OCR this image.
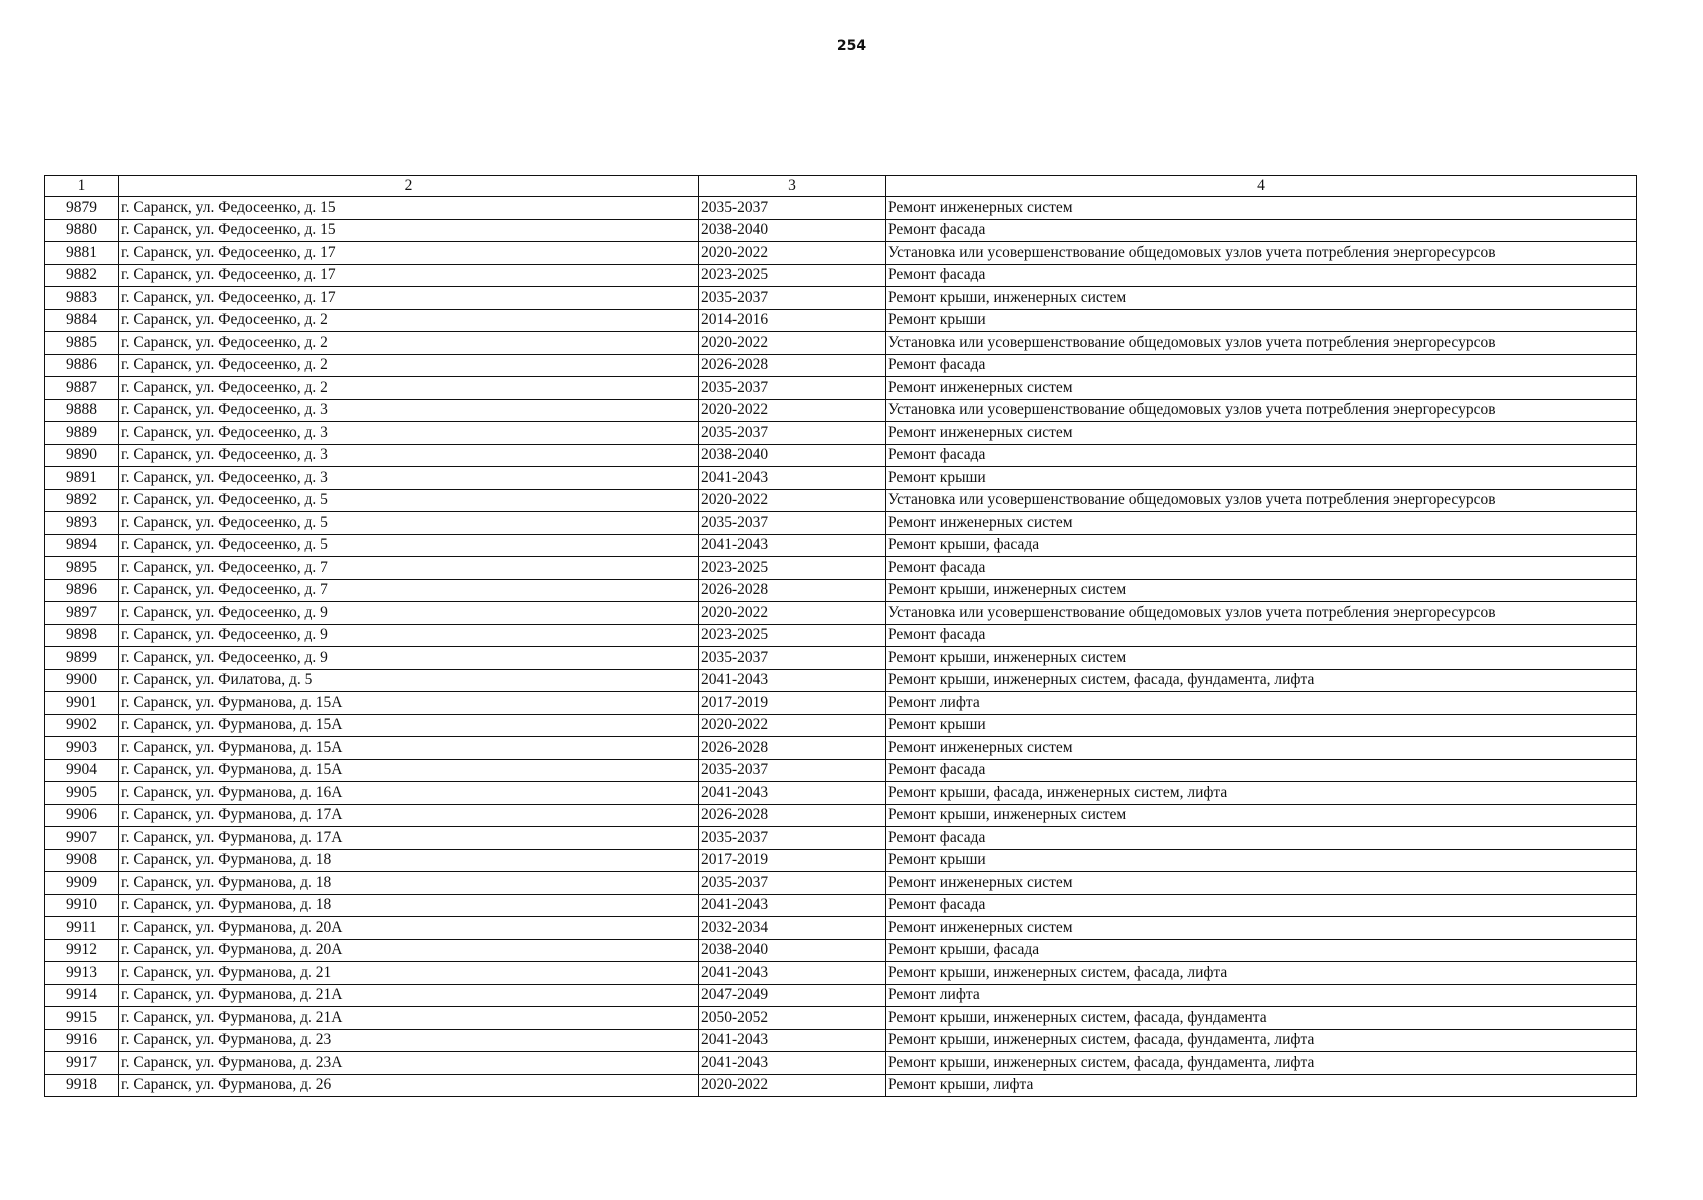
254
1	2	3	4
9879	г. Саранск, ул. Федосеенко, д. 15	2035-2037	Ремонт инженерных систем
9880	г. Саранск, ул. Федосеенко, д. 15	2038-2040	Ремонт фасада
9881	г. Саранск, ул. Федосеенко, д. 17	2020-2022	Установка или усовершенствование общедомовых узлов учета потребления энергоресурсов
9882	г. Саранск, ул. Федосеенко, д. 17	2023-2025	Ремонт фасада
9883	г. Саранск, ул. Федосеенко, д. 17	2035-2037	Ремонт крыши, инженерных систем
9884	г. Саранск, ул. Федосеенко, д. 2	2014-2016	Ремонт крыши
9885	г. Саранск, ул. Федосеенко, д. 2	2020-2022	Установка или усовершенствование общедомовых узлов учета потребления энергоресурсов
9886	г. Саранск, ул. Федосеенко, д. 2	2026-2028	Ремонт фасада
9887	г. Саранск, ул. Федосеенко, д. 2	2035-2037	Ремонт инженерных систем
9888	г. Саранск, ул. Федосеенко, д. 3	2020-2022	Установка или усовершенствование общедомовых узлов учета потребления энергоресурсов
9889	г. Саранск, ул. Федосеенко, д. 3	2035-2037	Ремонт инженерных систем
9890	г. Саранск, ул. Федосеенко, д. 3	2038-2040	Ремонт фасада
9891	г. Саранск, ул. Федосеенко, д. 3	2041-2043	Ремонт крыши
9892	г. Саранск, ул. Федосеенко, д. 5	2020-2022	Установка или усовершенствование общедомовых узлов учета потребления энергоресурсов
9893	г. Саранск, ул. Федосеенко, д. 5	2035-2037	Ремонт инженерных систем
9894	г. Саранск, ул. Федосеенко, д. 5	2041-2043	Ремонт крыши, фасада
9895	г. Саранск, ул. Федосеенко, д. 7	2023-2025	Ремонт фасада
9896	г. Саранск, ул. Федосеенко, д. 7	2026-2028	Ремонт крыши, инженерных систем
9897	г. Саранск, ул. Федосеенко, д. 9	2020-2022	Установка или усовершенствование общедомовых узлов учета потребления энергоресурсов
9898	г. Саранск, ул. Федосеенко, д. 9	2023-2025	Ремонт фасада
9899	г. Саранск, ул. Федосеенко, д. 9	2035-2037	Ремонт крыши, инженерных систем
9900	г. Саранск, ул. Филатова, д. 5	2041-2043	Ремонт крыши, инженерных систем, фасада, фундамента, лифта
9901	г. Саранск, ул. Фурманова, д. 15А	2017-2019	Ремонт лифта
9902	г. Саранск, ул. Фурманова, д. 15А	2020-2022	Ремонт крыши
9903	г. Саранск, ул. Фурманова, д. 15А	2026-2028	Ремонт инженерных систем
9904	г. Саранск, ул. Фурманова, д. 15А	2035-2037	Ремонт фасада
9905	г. Саранск, ул. Фурманова, д. 16А	2041-2043	Ремонт крыши, фасада, инженерных систем, лифта
9906	г. Саранск, ул. Фурманова, д. 17А	2026-2028	Ремонт крыши, инженерных систем
9907	г. Саранск, ул. Фурманова, д. 17А	2035-2037	Ремонт фасада
9908	г. Саранск, ул. Фурманова, д. 18	2017-2019	Ремонт крыши
9909	г. Саранск, ул. Фурманова, д. 18	2035-2037	Ремонт инженерных систем
9910	г. Саранск, ул. Фурманова, д. 18	2041-2043	Ремонт фасада
9911	г. Саранск, ул. Фурманова, д. 20А	2032-2034	Ремонт инженерных систем
9912	г. Саранск, ул. Фурманова, д. 20А	2038-2040	Ремонт крыши, фасада
9913	г. Саранск, ул. Фурманова, д. 21	2041-2043	Ремонт крыши, инженерных систем, фасада, лифта
9914	г. Саранск, ул. Фурманова, д. 21А	2047-2049	Ремонт лифта
9915	г. Саранск, ул. Фурманова, д. 21А	2050-2052	Ремонт крыши, инженерных систем, фасада, фундамента
9916	г. Саранск, ул. Фурманова, д. 23	2041-2043	Ремонт крыши, инженерных систем, фасада, фундамента, лифта
9917	г. Саранск, ул. Фурманова, д. 23А	2041-2043	Ремонт крыши, инженерных систем, фасада, фундамента, лифта
9918	г. Саранск, ул. Фурманова, д. 26	2020-2022	Ремонт крыши, лифта
